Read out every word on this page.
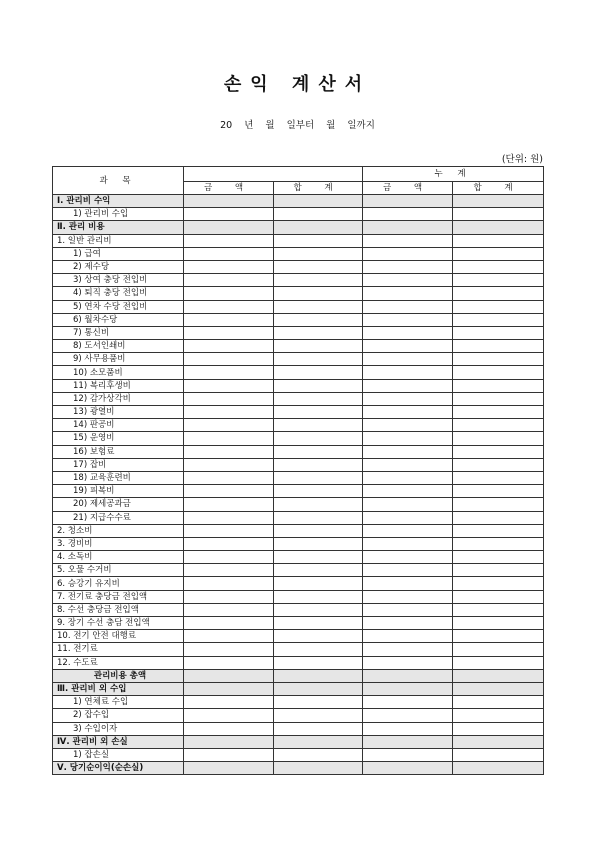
손익 계산서
20 년 월 일부터 월 일까지
(단위: 원)
과 목			누 계	
	금 액	합 계	금 액	합 계
Ⅰ. 관리비 수익				
1) 관리비 수입				
Ⅱ. 관리 비용				
1. 일반 관리비				
1) 급여				
2) 제수당				
3) 상여 충당 전입비				
4) 퇴직 충당 전입비				
5) 연차 수당 전입비				
6) 월차수당				
7) 통신비				
8) 도서인쇄비				
9) 사무용품비				
10) 소모품비				
11) 복리후생비				
12) 감가상각비				
13) 광열비				
14) 판공비				
15) 운영비				
16) 보험료				
17) 잡비				
18) 교육훈련비				
19) 피복비				
20) 제세공과금				
21) 지급수수료				
2. 청소비				
3. 경비비				
4. 소독비				
5. 오물 수거비				
6. 승강기 유지비				
7. 전기료 충당금 전입액				
8. 수선 충당금 전입액				
9. 장기 수선 충담 전입액				
10. 전기 안전 대행료				
11. 전기료				
12. 수도료				
관리비용 총액				
Ⅲ. 관리비 외 수입				
1) 연체료 수입				
2) 잡수입				
3) 수입이자				
Ⅳ. 관리비 외 손실				
1) 잡손실				
Ⅴ. 당기순이익(순손실)				
